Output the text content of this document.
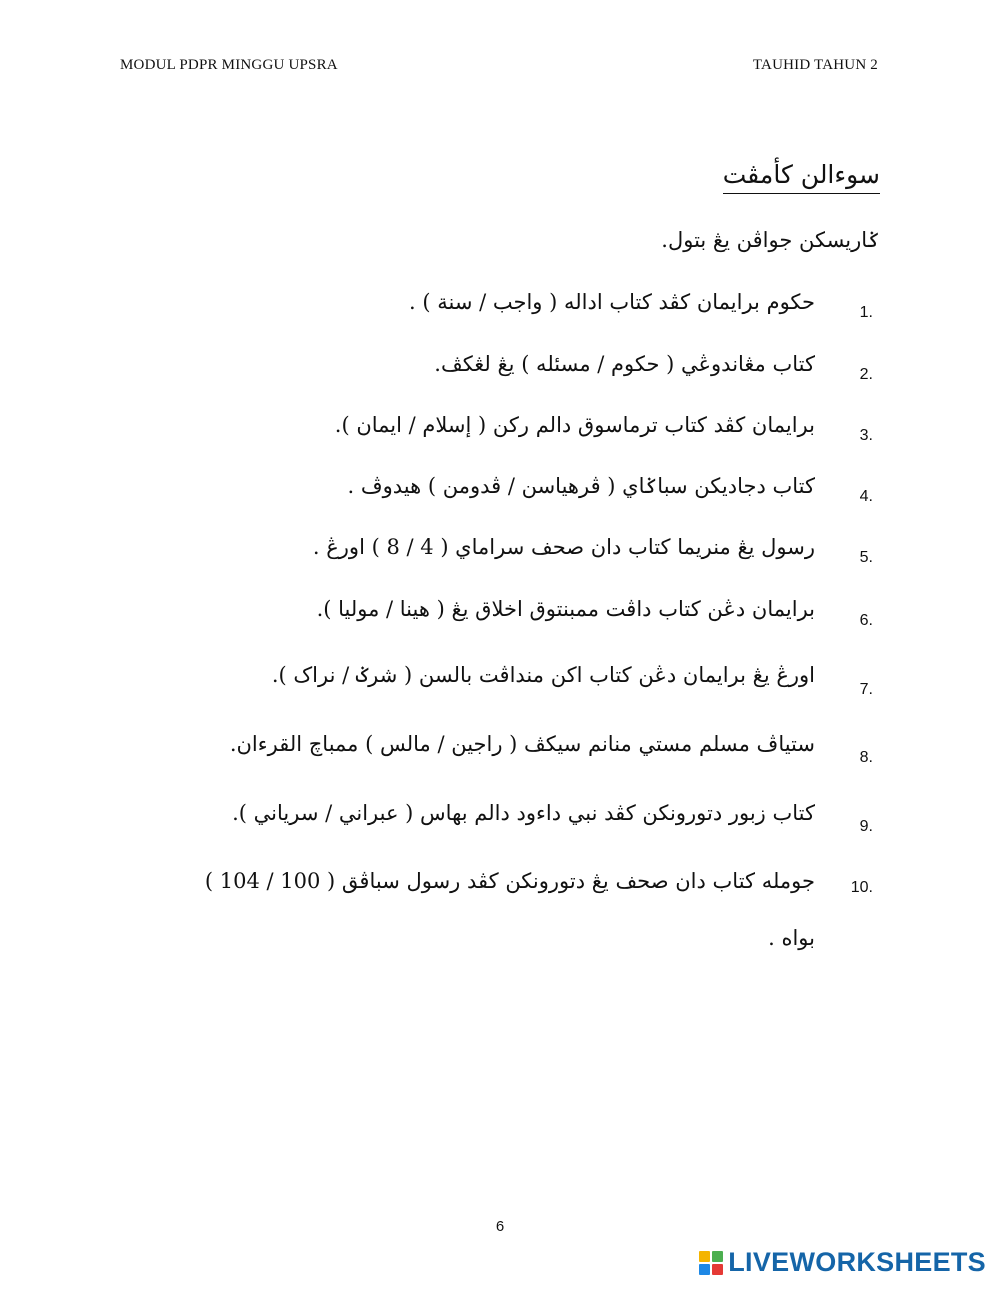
MODUL PDPR MINGGU UPSRA	TAUHID TAHUN 2
سوءالن كأمڤت
ݢاريسكن جواڤن يڠ بتول.
1.
حكوم برايمان كڤد كتاب اداله ( واجب / سنة ) .
2.
كتاب مڠاندوڠي ( حكوم / مسئله ) يڠ لڠكڤ.
3.
برايمان كڤد كتاب ترماسوق دالم ركن ( إسلام / ايمان ).
4.
كتاب دجاديكن سباݢاي ( ڤرهياسن / ڤدومن ) هيدوڤ .
5.
رسول يڠ منريما كتاب دان صحف سراماي ( 4 / 8 ) اورڠ .
6.
برايمان دڠن كتاب داڤت ممبنتوق اخلاق يڠ ( هينا / موليا ).
7.
اورڠ يڠ برايمان دڠن كتاب اكن منداڤت بالسن ( شرݢ / نراک ).
8.
ستياڤ مسلم مستي منانم سيكڤ ( راجين / مالس ) ممباچ القرءان.
9.
كتاب زبور دتورونكن كڤد نبي داءود دالم بهاس ( عبراني / سرياني ).
10.
جومله كتاب دان صحف يڠ دتورونكن كڤد رسول سباڤق ( 100 / 104 )
بواه .
6
LIVEWORKSHEETS
